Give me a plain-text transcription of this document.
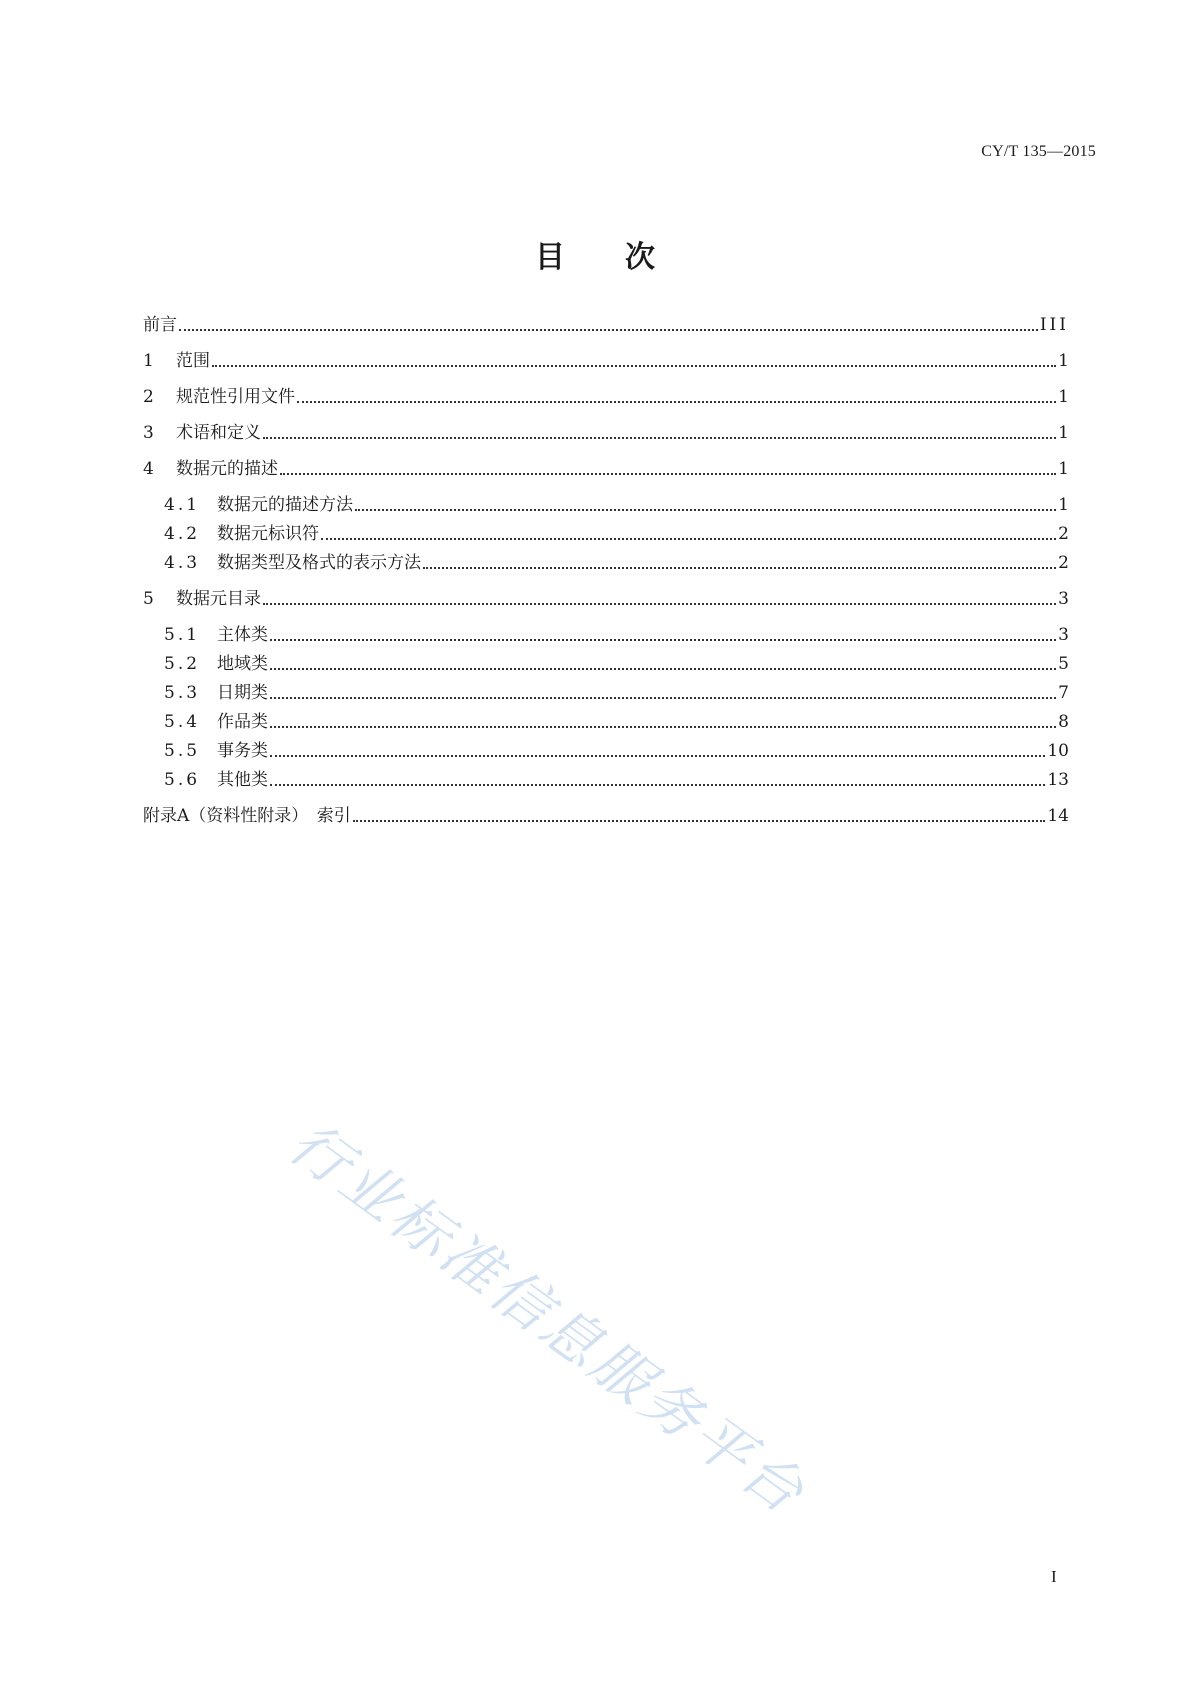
CY/T 135—2015
目 次
前言	III
1	范围	1
2	规范性引用文件	1
3	术语和定义	1
4	数据元的描述	1
4.1 数据元的描述方法	1
4.2 数据元标识符	2
4.3 数据类型及格式的表示方法	2
5	数据元目录	3
5.1 主体类	3
5.2 地域类	5
5.3 日期类	7
5.4 作品类	8
5.5 事务类	10
5.6 其他类	13
附录A（资料性附录）　索引	14
行业标准信息服务平台
I
